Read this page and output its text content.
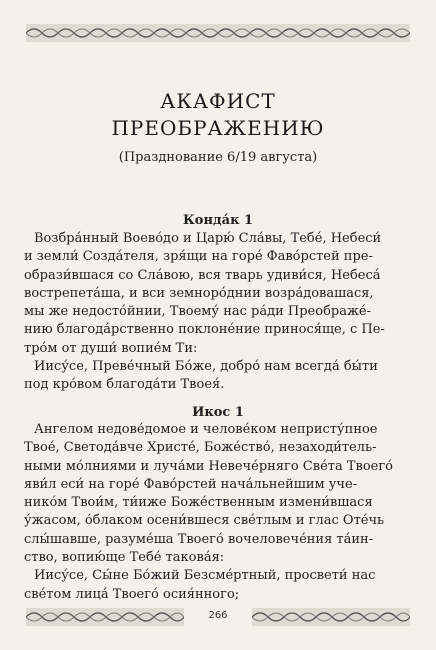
АКАФИСТ
ПРЕОБРАЖЕНИЮ
(Празднование 6/19 августа)
Конда́к 1
Возбра́нный Воево́до и Царю́ Сла́вы, Тебе́, Небеси́
и земли́ Созда́теля, зря́щи на горе́ Фаво́рстей пре-
образи́вшася со Сла́вою, вся тварь удиви́ся, Небеса́
вострепета́ша, и вси земноро́днии возра́довашася,
мы же недосто́йнии, Твоему́ нас ра́ди Преображе́-
нию благода́рственно поклоне́ние принося́ще, с Пе-
тро́м от души́ вопие́м Ти:
Иису́се, Преве́чный Бо́же, добро́ нам всегда́ бы́ти
под кро́вом благода́ти Твоея́.
Икос 1
Ангелом недове́домое и челове́ком непристу́пное
Твое́, Светода́вче Христе́, Боже́ство́, незаходи́тель-
ными мо́лниями и луча́ми Невече́рняго Све́та Твоего́
яви́л еси́ на горе́ Фаво́рстей нача́льнейшим уче-
нико́м Твои́м, ти́иже Боже́ственным измени́вшася
у́жасом, о́блаком осени́вшеся све́тлым и глас Оте́чь
слы́шавше, разуме́ша Твоего́ вочеловече́ния та́ин-
ство, вопию́ще Тебе́ такова́я:
Иису́се, Сы́не Бо́жий Безсме́ртный, просвети́ нас
све́том лица́ Твоего́ осия́нного;
266
